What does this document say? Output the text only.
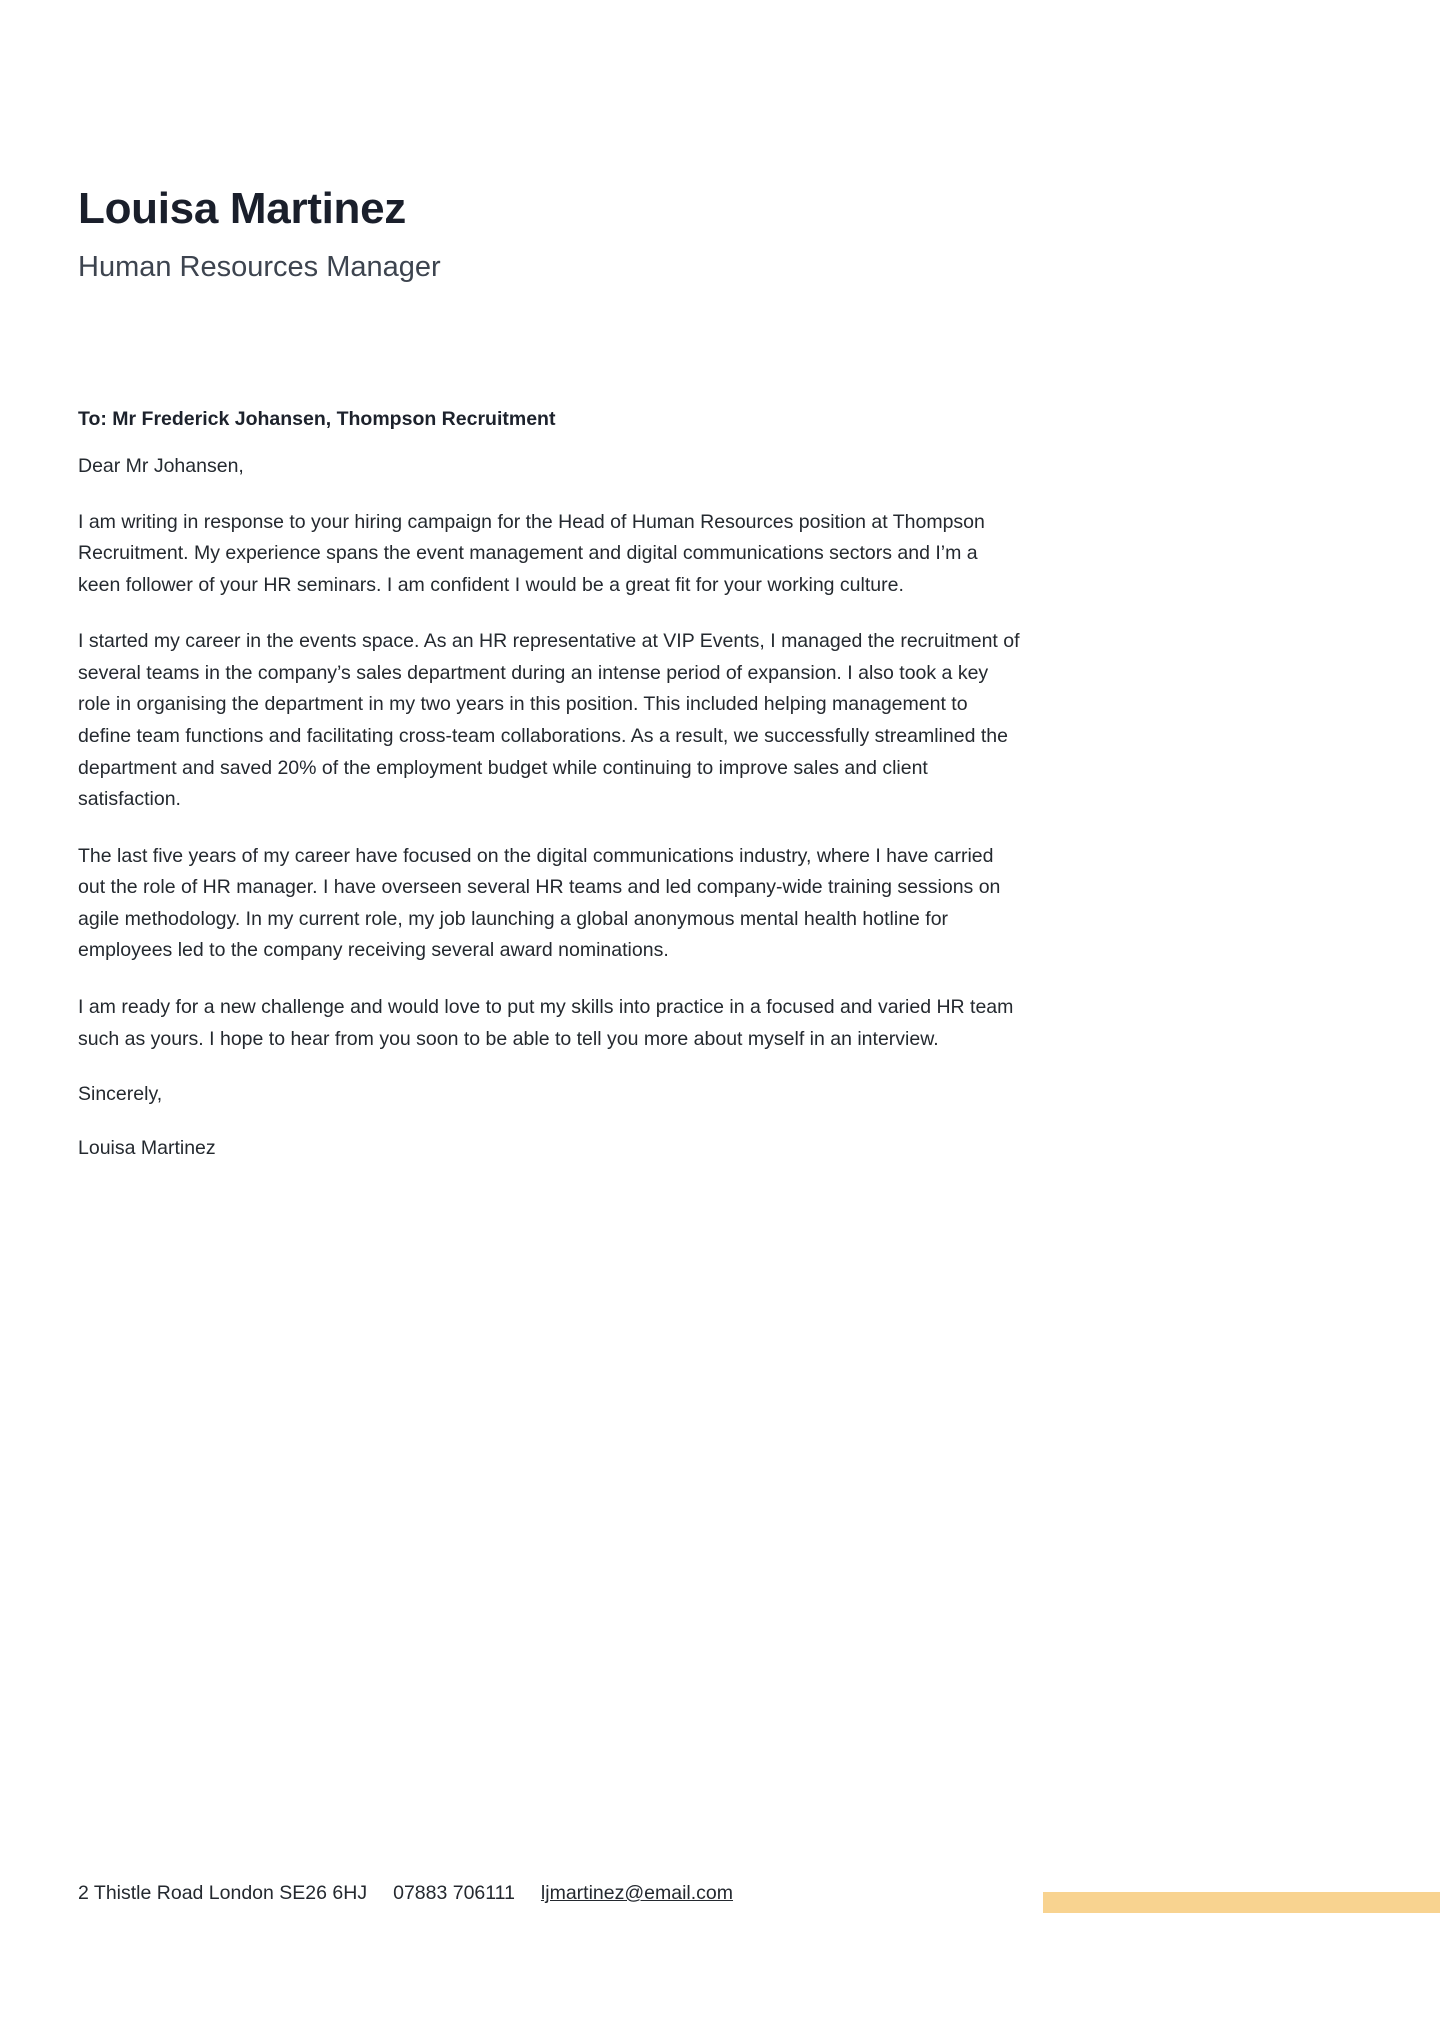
Louisa Martinez
Human Resources Manager
To: Mr Frederick Johansen, Thompson Recruitment
Dear Mr Johansen,

I am writing in response to your hiring campaign for the Head of Human Resources position at Thompson Recruitment. My experience spans the event management and digital communications sectors and I’m a keen follower of your HR seminars. I am confident I would be a great fit for your working culture.

I started my career in the events space. As an HR representative at VIP Events, I managed the recruitment of several teams in the company’s sales department during an intense period of expansion. I also took a key role in organising the department in my two years in this position. This included helping management to define team functions and facilitating cross-team collaborations. As a result, we successfully streamlined the department and saved 20% of the employment budget while continuing to improve sales and client satisfaction.

The last five years of my career have focused on the digital communications industry, where I have carried out the role of HR manager. I have overseen several HR teams and led company-wide training sessions on agile methodology. In my current role, my job launching a global anonymous mental health hotline for employees led to the company receiving several award nominations.

I am ready for a new challenge and would love to put my skills into practice in a focused and varied HR team such as yours. I hope to hear from you soon to be able to tell you more about myself in an interview.

Sincerely,
Louisa Martinez
2 Thistle Road London SE26 6HJ 07883 706111 ljmartinez@email.com
